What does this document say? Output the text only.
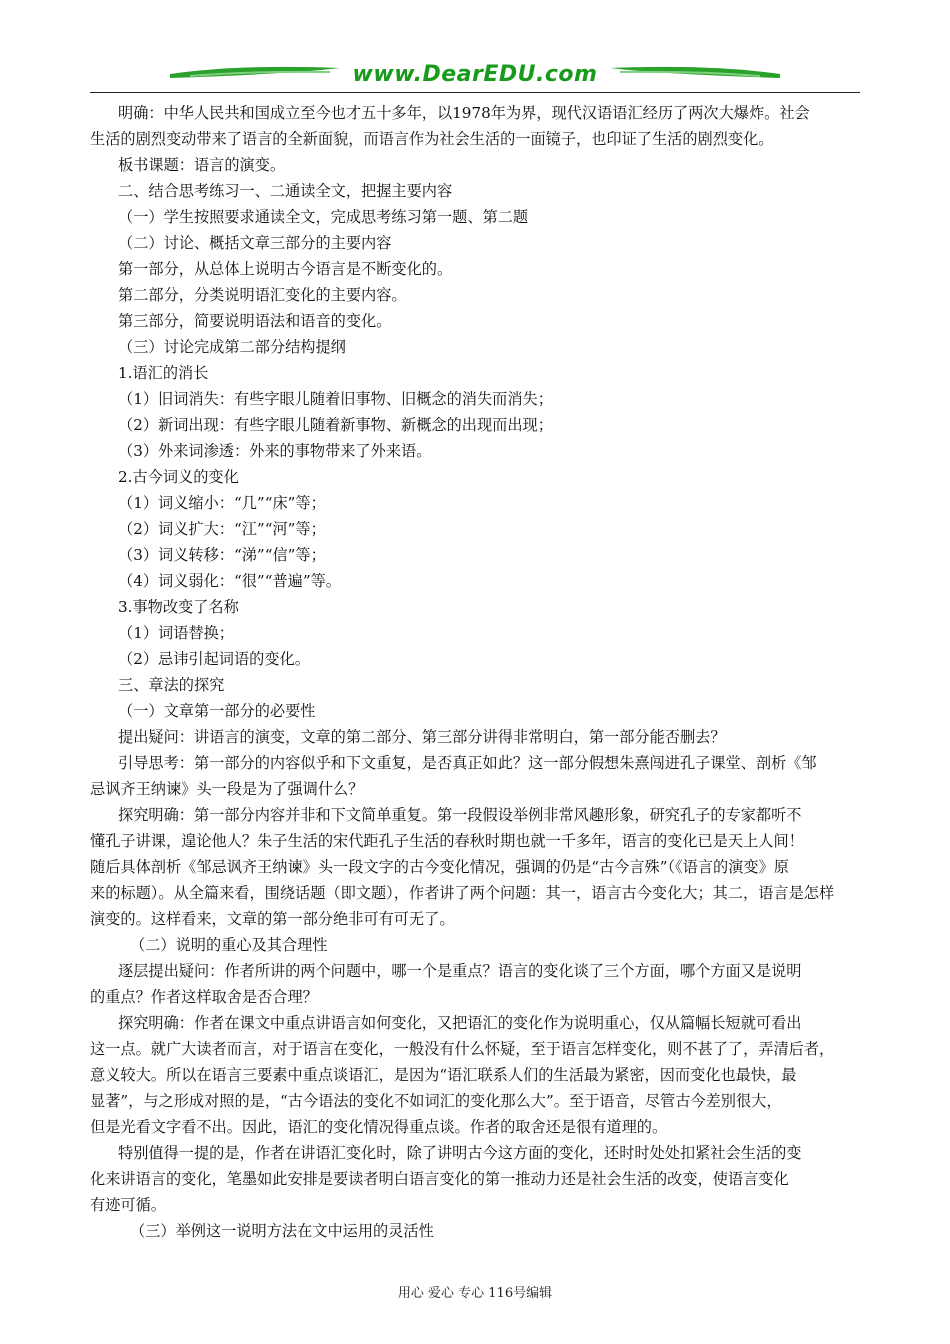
www.DearEDU.com
明确：中华人民共和国成立至今也才五十多年，以1978年为界，现代汉语语汇经历了两次大爆炸。社会
生活的剧烈变动带来了语言的全新面貌，而语言作为社会生活的一面镜子，也印证了生活的剧烈变化。
板书课题：语言的演变。
二、结合思考练习一、二通读全文，把握主要内容
（一）学生按照要求通读全文，完成思考练习第一题、第二题
（二）讨论、概括文章三部分的主要内容
第一部分，从总体上说明古今语言是不断变化的。
第二部分，分类说明语汇变化的主要内容。
第三部分，简要说明语法和语音的变化。
（三）讨论完成第二部分结构提纲
1.语汇的消长
（1）旧词消失：有些字眼儿随着旧事物、旧概念的消失而消失；
（2）新词出现：有些字眼儿随着新事物、新概念的出现而出现；
（3）外来词渗透：外来的事物带来了外来语。
2.古今词义的变化
（1）词义缩小：“几”“床”等；
（2）词义扩大：“江”“河”等；
（3）词义转移：“涕”“信”等；
（4）词义弱化：“很”“普遍”等。
3.事物改变了名称
（1）词语替换；
（2）忌讳引起词语的变化。
三、章法的探究
（一）文章第一部分的必要性
提出疑问：讲语言的演变，文章的第二部分、第三部分讲得非常明白，第一部分能否删去？
引导思考：第一部分的内容似乎和下文重复，是否真正如此？这一部分假想朱熹闯进孔子课堂、剖析《邹
忌讽齐王纳谏》头一段是为了强调什么？
探究明确：第一部分内容并非和下文简单重复。第一段假设举例非常风趣形象，研究孔子的专家都听不
懂孔子讲课，遑论他人？朱子生活的宋代距孔子生活的春秋时期也就一千多年，语言的变化已是天上人间！
随后具体剖析《邹忌讽齐王纳谏》头一段文字的古今变化情况，强调的仍是“古今言殊”（《语言的演变》原
来的标题）。从全篇来看，围绕话题（即文题），作者讲了两个问题：其一，语言古今变化大；其二，语言是怎样
演变的。这样看来，文章的第一部分绝非可有可无了。
（二）说明的重心及其合理性
逐层提出疑问：作者所讲的两个问题中，哪一个是重点？语言的变化谈了三个方面，哪个方面又是说明
的重点？作者这样取舍是否合理？
探究明确：作者在课文中重点讲语言如何变化，又把语汇的变化作为说明重心，仅从篇幅长短就可看出
这一点。就广大读者而言，对于语言在变化，一般没有什么怀疑，至于语言怎样变化，则不甚了了，弄清后者，
意义较大。所以在语言三要素中重点谈语汇，是因为“语汇联系人们的生活最为紧密，因而变化也最快，最
显著”，与之形成对照的是，“古今语法的变化不如词汇的变化那么大”。至于语音，尽管古今差别很大，
但是光看文字看不出。因此，语汇的变化情况得重点谈。作者的取舍还是很有道理的。
特别值得一提的是，作者在讲语汇变化时，除了讲明古今这方面的变化，还时时处处扣紧社会生活的变
化来讲语言的变化，笔墨如此安排是要读者明白语言变化的第一推动力还是社会生活的改变，使语言变化
有迹可循。
（三）举例这一说明方法在文中运用的灵活性
用心 爱心 专心 116号编辑
